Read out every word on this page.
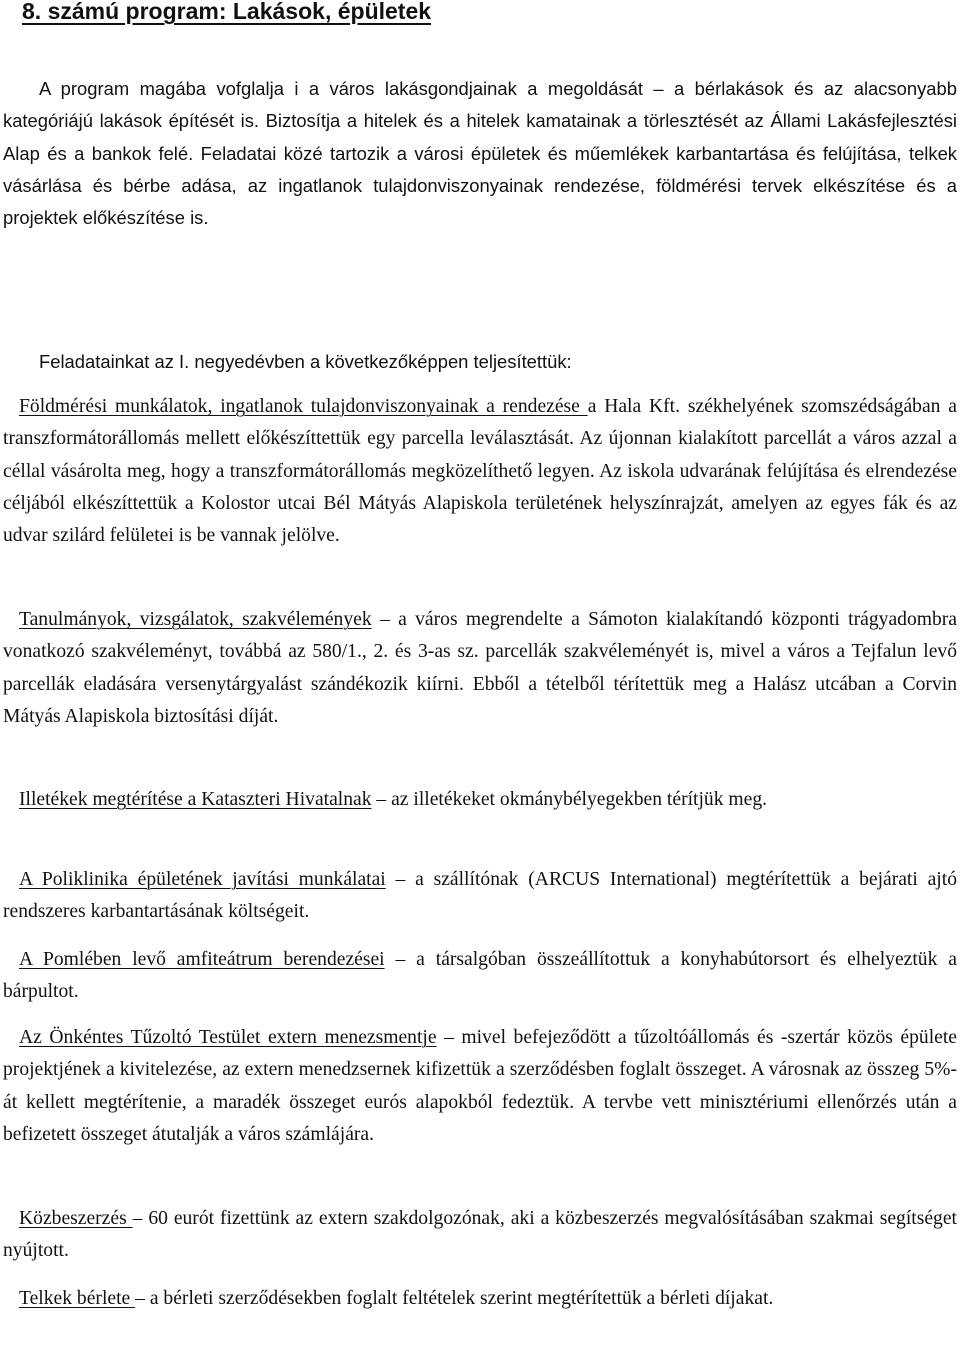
8. számú program: Lakások, épületek

A program magába vofglalja i a város lakásgondjainak a megoldását – a bérlakások és az alacsonyabb kategóriájú lakások építését is. Biztosítja a hitelek és a hitelek kamatainak a törlesztését az Állami Lakásfejlesztési Alap és a bankok felé. Feladatai közé tartozik a városi épületek és műemlékek karbantartása és felújítása, telkek vásárlása és bérbe adása, az ingatlanok tulajdonviszonyainak rendezése, földmérési tervek elkészítése és a projektek előkészítése is.

Feladatainkat az I. negyedévben a következőképpen teljesítettük:

Földmérési munkálatok, ingatlanok tulajdonviszonyainak a rendezése a Hala Kft. székhelyének szomszédságában a transzformátorállomás mellett előkészíttettük egy parcella leválasztását. Az újonnan kialakított parcellát a város azzal a céllal vásárolta meg, hogy a transzformátorállomás megközelíthető legyen. Az iskola udvarának felújítása és elrendezése céljából elkészíttettük a Kolostor utcai Bél Mátyás Alapiskola területének helyszínrajzát, amelyen az egyes fák és az udvar szilárd felületei is be vannak jelölve.

Tanulmányok, vizsgálatok, szakvélemények – a város megrendelte a Sámoton kialakítandó központi trágyadombra vonatkozó szakvéleményt, továbbá az 580/1., 2. és 3-as sz. parcellák szakvéleményét is, mivel a város a Tejfalun levő parcellák eladására versenytárgyalást szándékozik kiírni. Ebből a tételből térítettük meg a Halász utcában a Corvin Mátyás Alapiskola biztosítási díját.

Illetékek megtérítése a Kataszteri Hivatalnak – az illetékeket okmánybélyegekben térítjük meg.

A Poliklinika épületének javítási munkálatai – a szállítónak (ARCUS International) megtérítettük a bejárati ajtó rendszeres karbantartásának költségeit.

A Pomlében levő amfiteátrum berendezései – a társalgóban összeállítottuk a konyhabútorsort és elhelyeztük a bárpultot.

Az Önkéntes Tűzoltó Testület extern menezsmentje – mivel befejeződött a tűzoltóállomás és -szertár közös épülete projektjének a kivitelezése, az extern menedzsernek kifizettük a szerződésben foglalt összeget. A városnak az összeg 5%-át kellett megtérítenie, a maradék összeget eurós alapokból fedeztük. A tervbe vett minisztériumi ellenőrzés után a befizetett összeget átutalják a város számlájára.

Közbeszerzés – 60 eurót fizettünk az extern szakdolgozónak, aki a közbeszerzés megvalósításában szakmai segítséget nyújtott.

Telkek bérlete – a bérleti szerződésekben foglalt feltételek szerint megtérítettük a bérleti díjakat.
